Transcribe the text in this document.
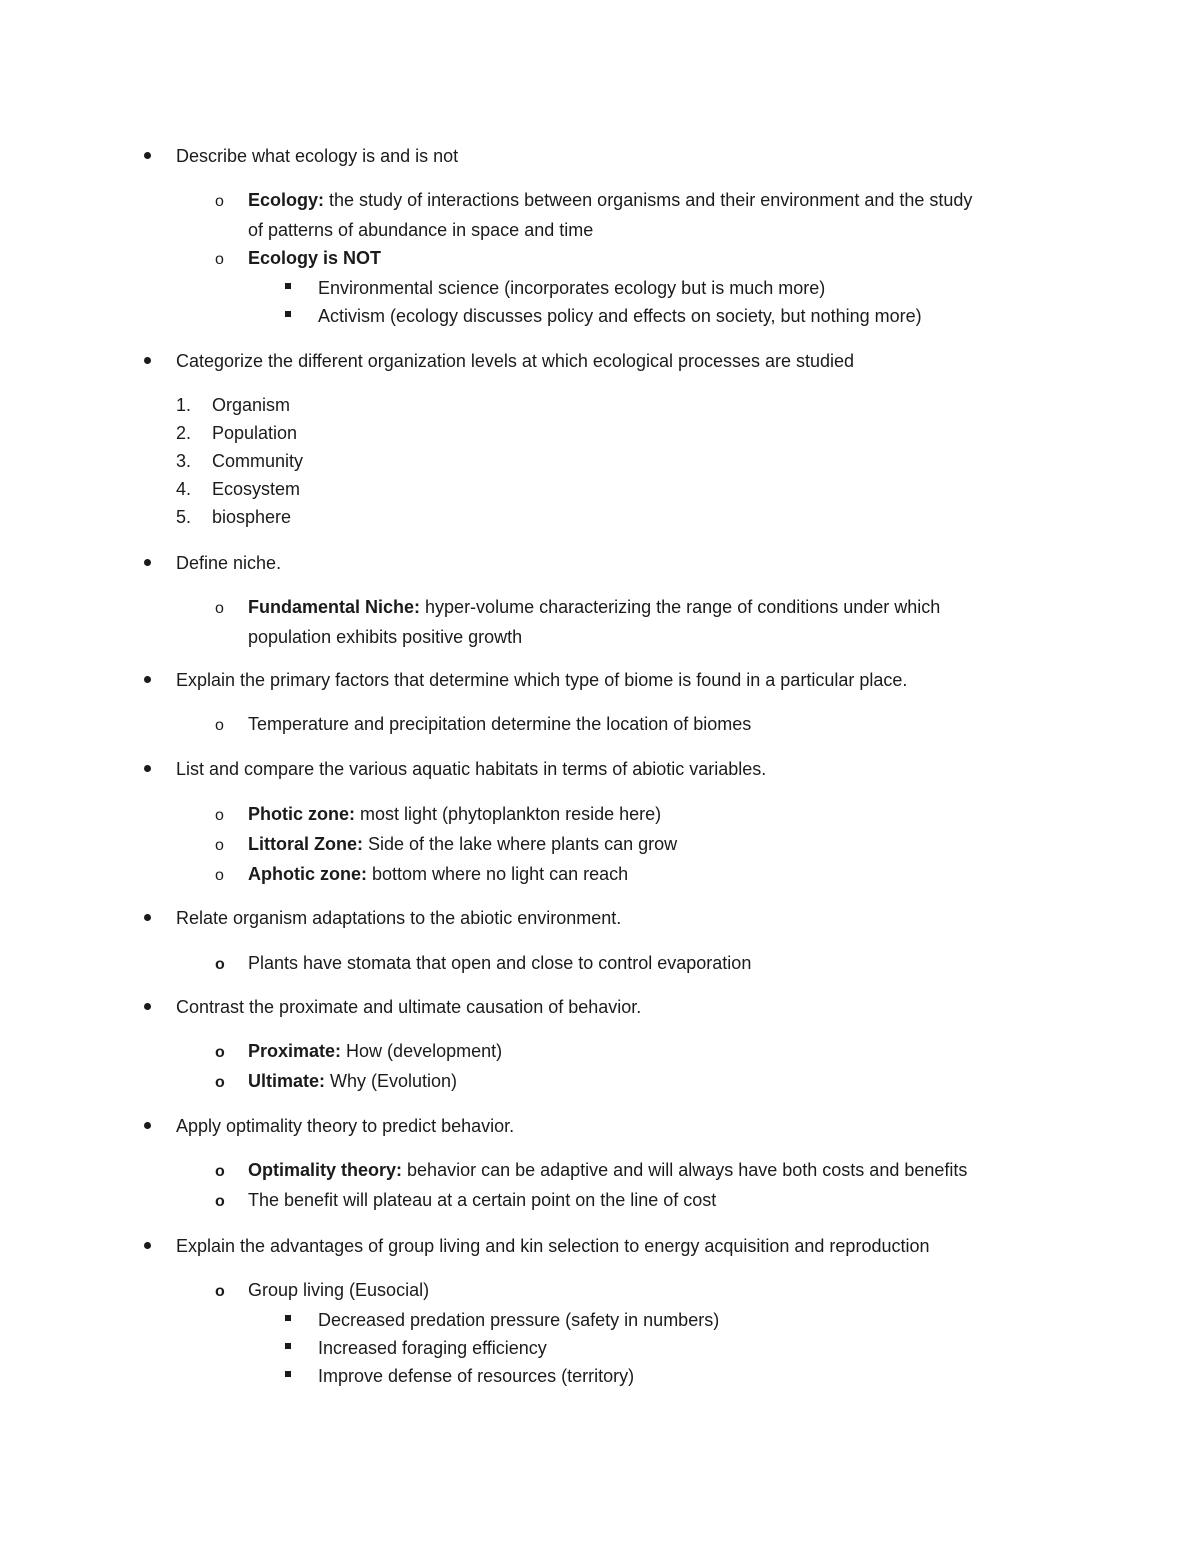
Describe what ecology is and is not
o Ecology: the study of interactions between organisms and their environment and the study
of patterns of abundance in space and time
o Ecology is NOT
Environmental science (incorporates ecology but is much more)
Activism (ecology discusses policy and effects on society, but nothing more)
Categorize the different organization levels at which ecological processes are studied
1. Organism
2. Population
3. Community
4. Ecosystem
5. biosphere
Define niche.
o Fundamental Niche: hyper-volume characterizing the range of conditions under which
population exhibits positive growth
Explain the primary factors that determine which type of biome is found in a particular place.
o Temperature and precipitation determine the location of biomes
List and compare the various aquatic habitats in terms of abiotic variables.
o Photic zone: most light (phytoplankton reside here)
o Littoral Zone: Side of the lake where plants can grow
o Aphotic zone: bottom where no light can reach
Relate organism adaptations to the abiotic environment.
o Plants have stomata that open and close to control evaporation
Contrast the proximate and ultimate causation of behavior.
o Proximate: How (development)
o Ultimate: Why (Evolution)
Apply optimality theory to predict behavior.
o Optimality theory: behavior can be adaptive and will always have both costs and benefits
o The benefit will plateau at a certain point on the line of cost
Explain the advantages of group living and kin selection to energy acquisition and reproduction
o Group living (Eusocial)
Decreased predation pressure (safety in numbers)
Increased foraging efficiency
Improve defense of resources (territory)
